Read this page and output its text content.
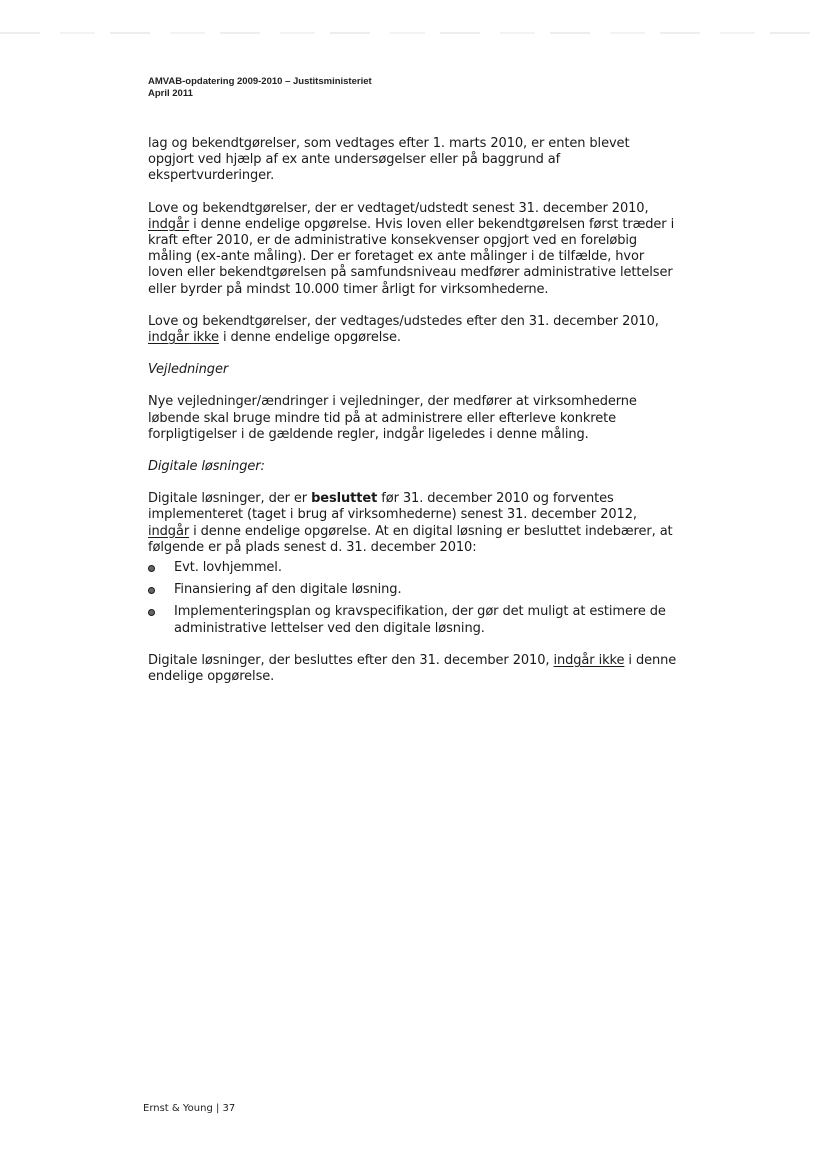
AMVAB-opdatering 2009-2010 – Justitsministeriet
April 2011

lag og bekendtgørelser, som vedtages efter 1. marts 2010, er enten blevet opgjort ved hjælp af ex ante undersøgelser eller på baggrund af ekspertvurderinger.

Love og bekendtgørelser, der er vedtaget/udstedt senest 31. december 2010, indgår i denne endelige opgørelse. Hvis loven eller bekendtgørelsen først træder i kraft efter 2010, er de administrative konsekvenser opgjort ved en foreløbig måling (ex-ante måling). Der er foretaget ex ante målinger i de tilfælde, hvor loven eller bekendtgørelsen på samfundsniveau medfører administrative lettelser eller byrder på mindst 10.000 timer årligt for virksomhederne.

Love og bekendtgørelser, der vedtages/udstedes efter den 31. december 2010, indgår ikke i denne endelige opgørelse.

Vejledninger

Nye vejledninger/ændringer i vejledninger, der medfører at virksomhederne løbende skal bruge mindre tid på at administrere eller efterleve konkrete forpligtigelser i de gældende regler, indgår ligeledes i denne måling.

Digitale løsninger:

Digitale løsninger, der er besluttet før 31. december 2010 og forventes implementeret (taget i brug af virksomhederne) senest 31. december 2012, indgår i denne endelige opgørelse. At en digital løsning er besluttet indebærer, at følgende er på plads senest d. 31. december 2010:

Evt. lovhjemmel.
Finansiering af den digitale løsning.
Implementeringsplan og kravspecifikation, der gør det muligt at estimere de administrative lettelser ved den digitale løsning.

Digitale løsninger, der besluttes efter den 31. december 2010, indgår ikke i denne endelige opgørelse.

Ernst & Young | 37
